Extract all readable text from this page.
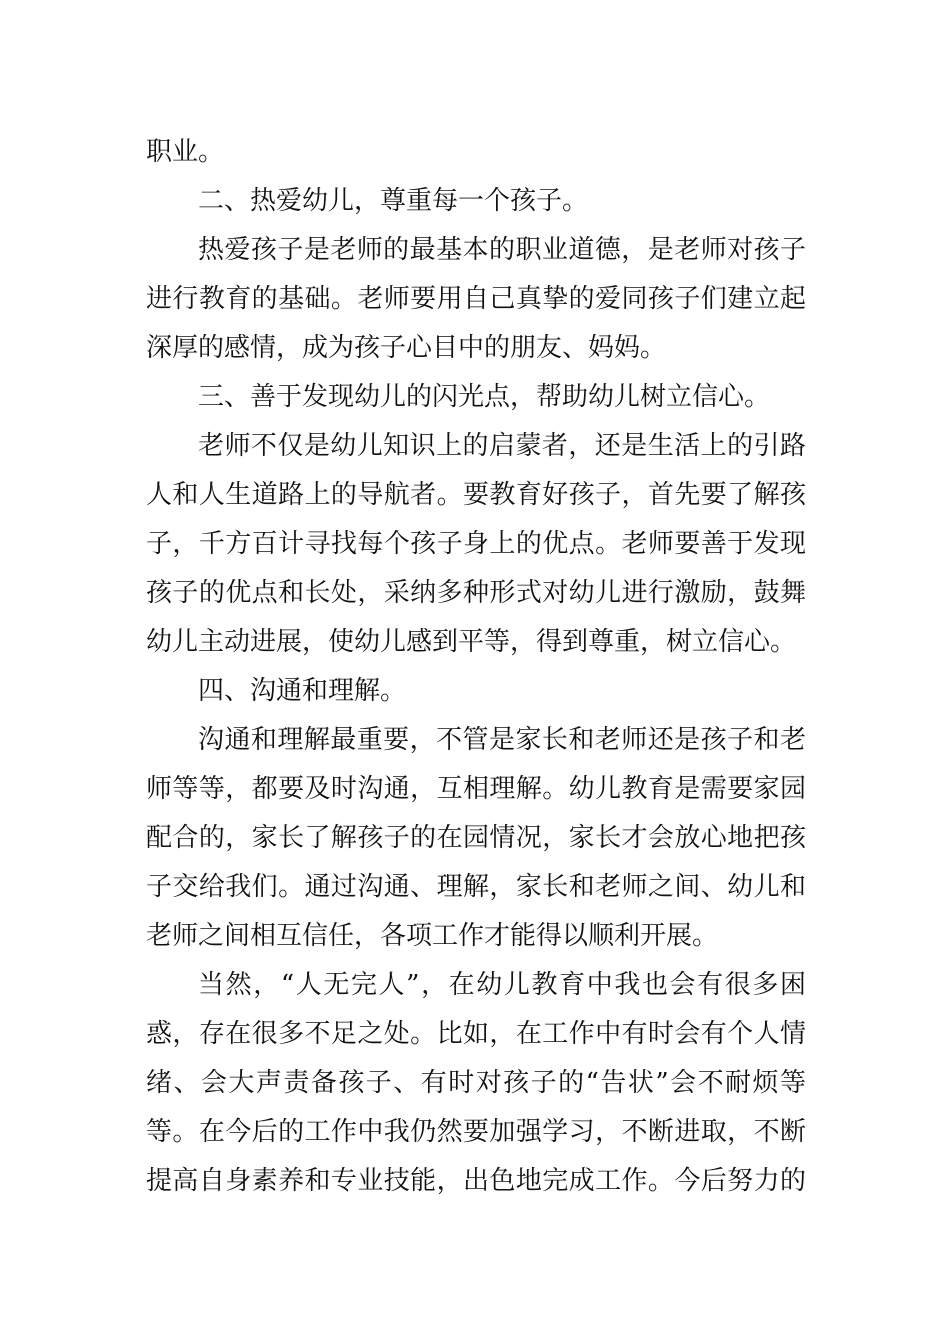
职业。
二、热爱幼儿，尊重每一个孩子。
热爱孩子是老师的最基本的职业道德，是老师对孩子
进行教育的基础。老师要用自己真挚的爱同孩子们建立起
深厚的感情，成为孩子心目中的朋友、妈妈。
三、善于发现幼儿的闪光点，帮助幼儿树立信心。
老师不仅是幼儿知识上的启蒙者，还是生活上的引路
人和人生道路上的导航者。要教育好孩子，首先要了解孩
子，千方百计寻找每个孩子身上的优点。老师要善于发现
孩子的优点和长处，采纳多种形式对幼儿进行激励，鼓舞
幼儿主动进展，使幼儿感到平等，得到尊重，树立信心。
四、沟通和理解。
沟通和理解最重要，不管是家长和老师还是孩子和老
师等等，都要及时沟通，互相理解。幼儿教育是需要家园
配合的，家长了解孩子的在园情况，家长才会放心地把孩
子交给我们。通过沟通、理解，家长和老师之间、幼儿和
老师之间相互信任，各项工作才能得以顺利开展。
当然，“人无完人”，在幼儿教育中我也会有很多困
惑，存在很多不足之处。比如，在工作中有时会有个人情
绪、会大声责备孩子、有时对孩子的“告状”会不耐烦等
等。在今后的工作中我仍然要加强学习，不断进取，不断
提高自身素养和专业技能，出色地完成工作。今后努力的
